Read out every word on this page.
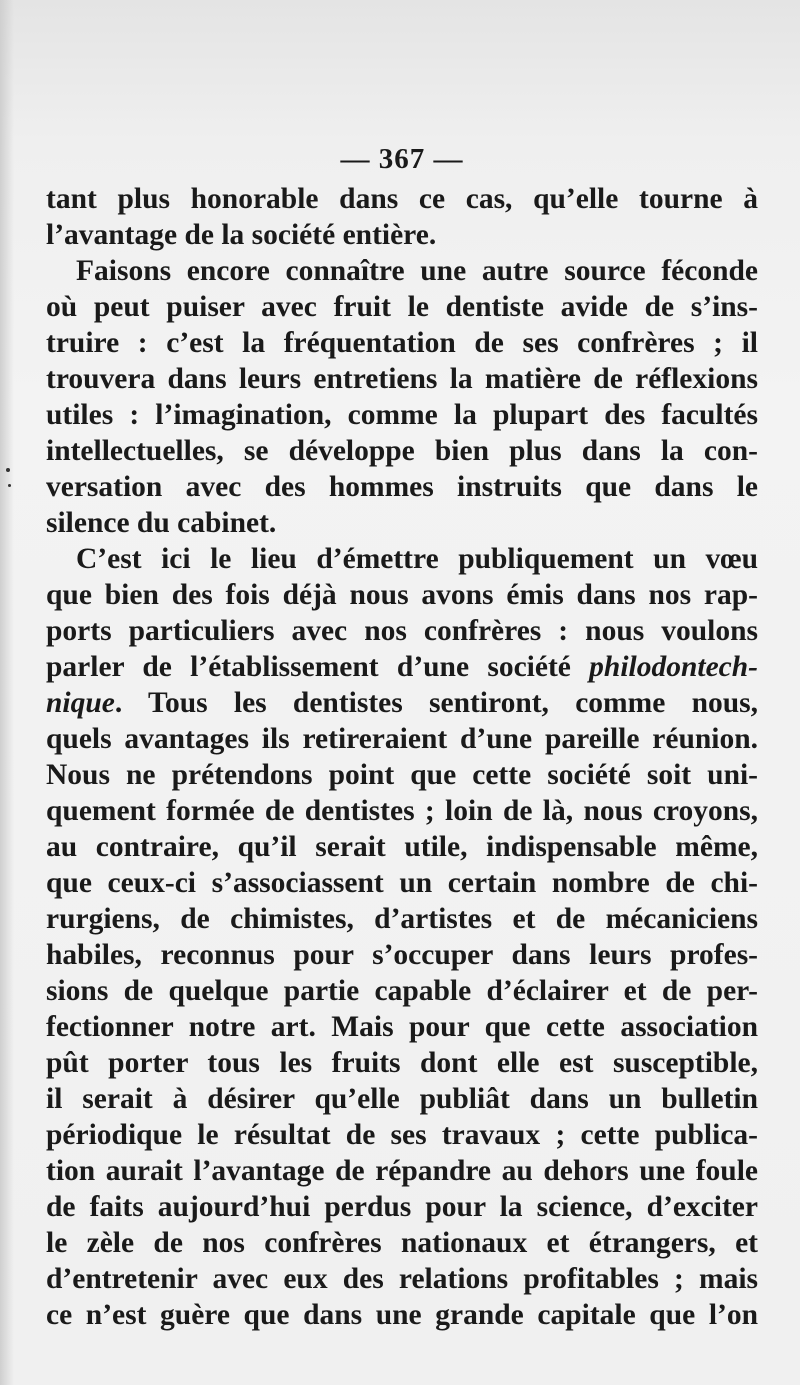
— 367 —
tant plus honorable dans ce cas, qu’elle tourne à
l’avantage de la société entière.
Faisons encore connaître une autre source féconde
où peut puiser avec fruit le dentiste avide de s’ins-
truire : c’est la fréquentation de ses confrères ; il
trouvera dans leurs entretiens la matière de réflexions
utiles : l’imagination, comme la plupart des facultés
intellectuelles, se développe bien plus dans la con-
versation avec des hommes instruits que dans le
silence du cabinet.
C’est ici le lieu d’émettre publiquement un vœu
que bien des fois déjà nous avons émis dans nos rap-
ports particuliers avec nos confrères : nous voulons
parler de l’établissement d’une société philodontech-
nique. Tous les dentistes sentiront, comme nous,
quels avantages ils retireraient d’une pareille réunion.
Nous ne prétendons point que cette société soit uni-
quement formée de dentistes ; loin de là, nous croyons,
au contraire, qu’il serait utile, indispensable même,
que ceux-ci s’associassent un certain nombre de chi-
rurgiens, de chimistes, d’artistes et de mécaniciens
habiles, reconnus pour s’occuper dans leurs profes-
sions de quelque partie capable d’éclairer et de per-
fectionner notre art. Mais pour que cette association
pût porter tous les fruits dont elle est susceptible,
il serait à désirer qu’elle publiât dans un bulletin
périodique le résultat de ses travaux ; cette publica-
tion aurait l’avantage de répandre au dehors une foule
de faits aujourd’hui perdus pour la science, d’exciter
le zèle de nos confrères nationaux et étrangers, et
d’entretenir avec eux des relations profitables ; mais
ce n’est guère que dans une grande capitale que l’on
